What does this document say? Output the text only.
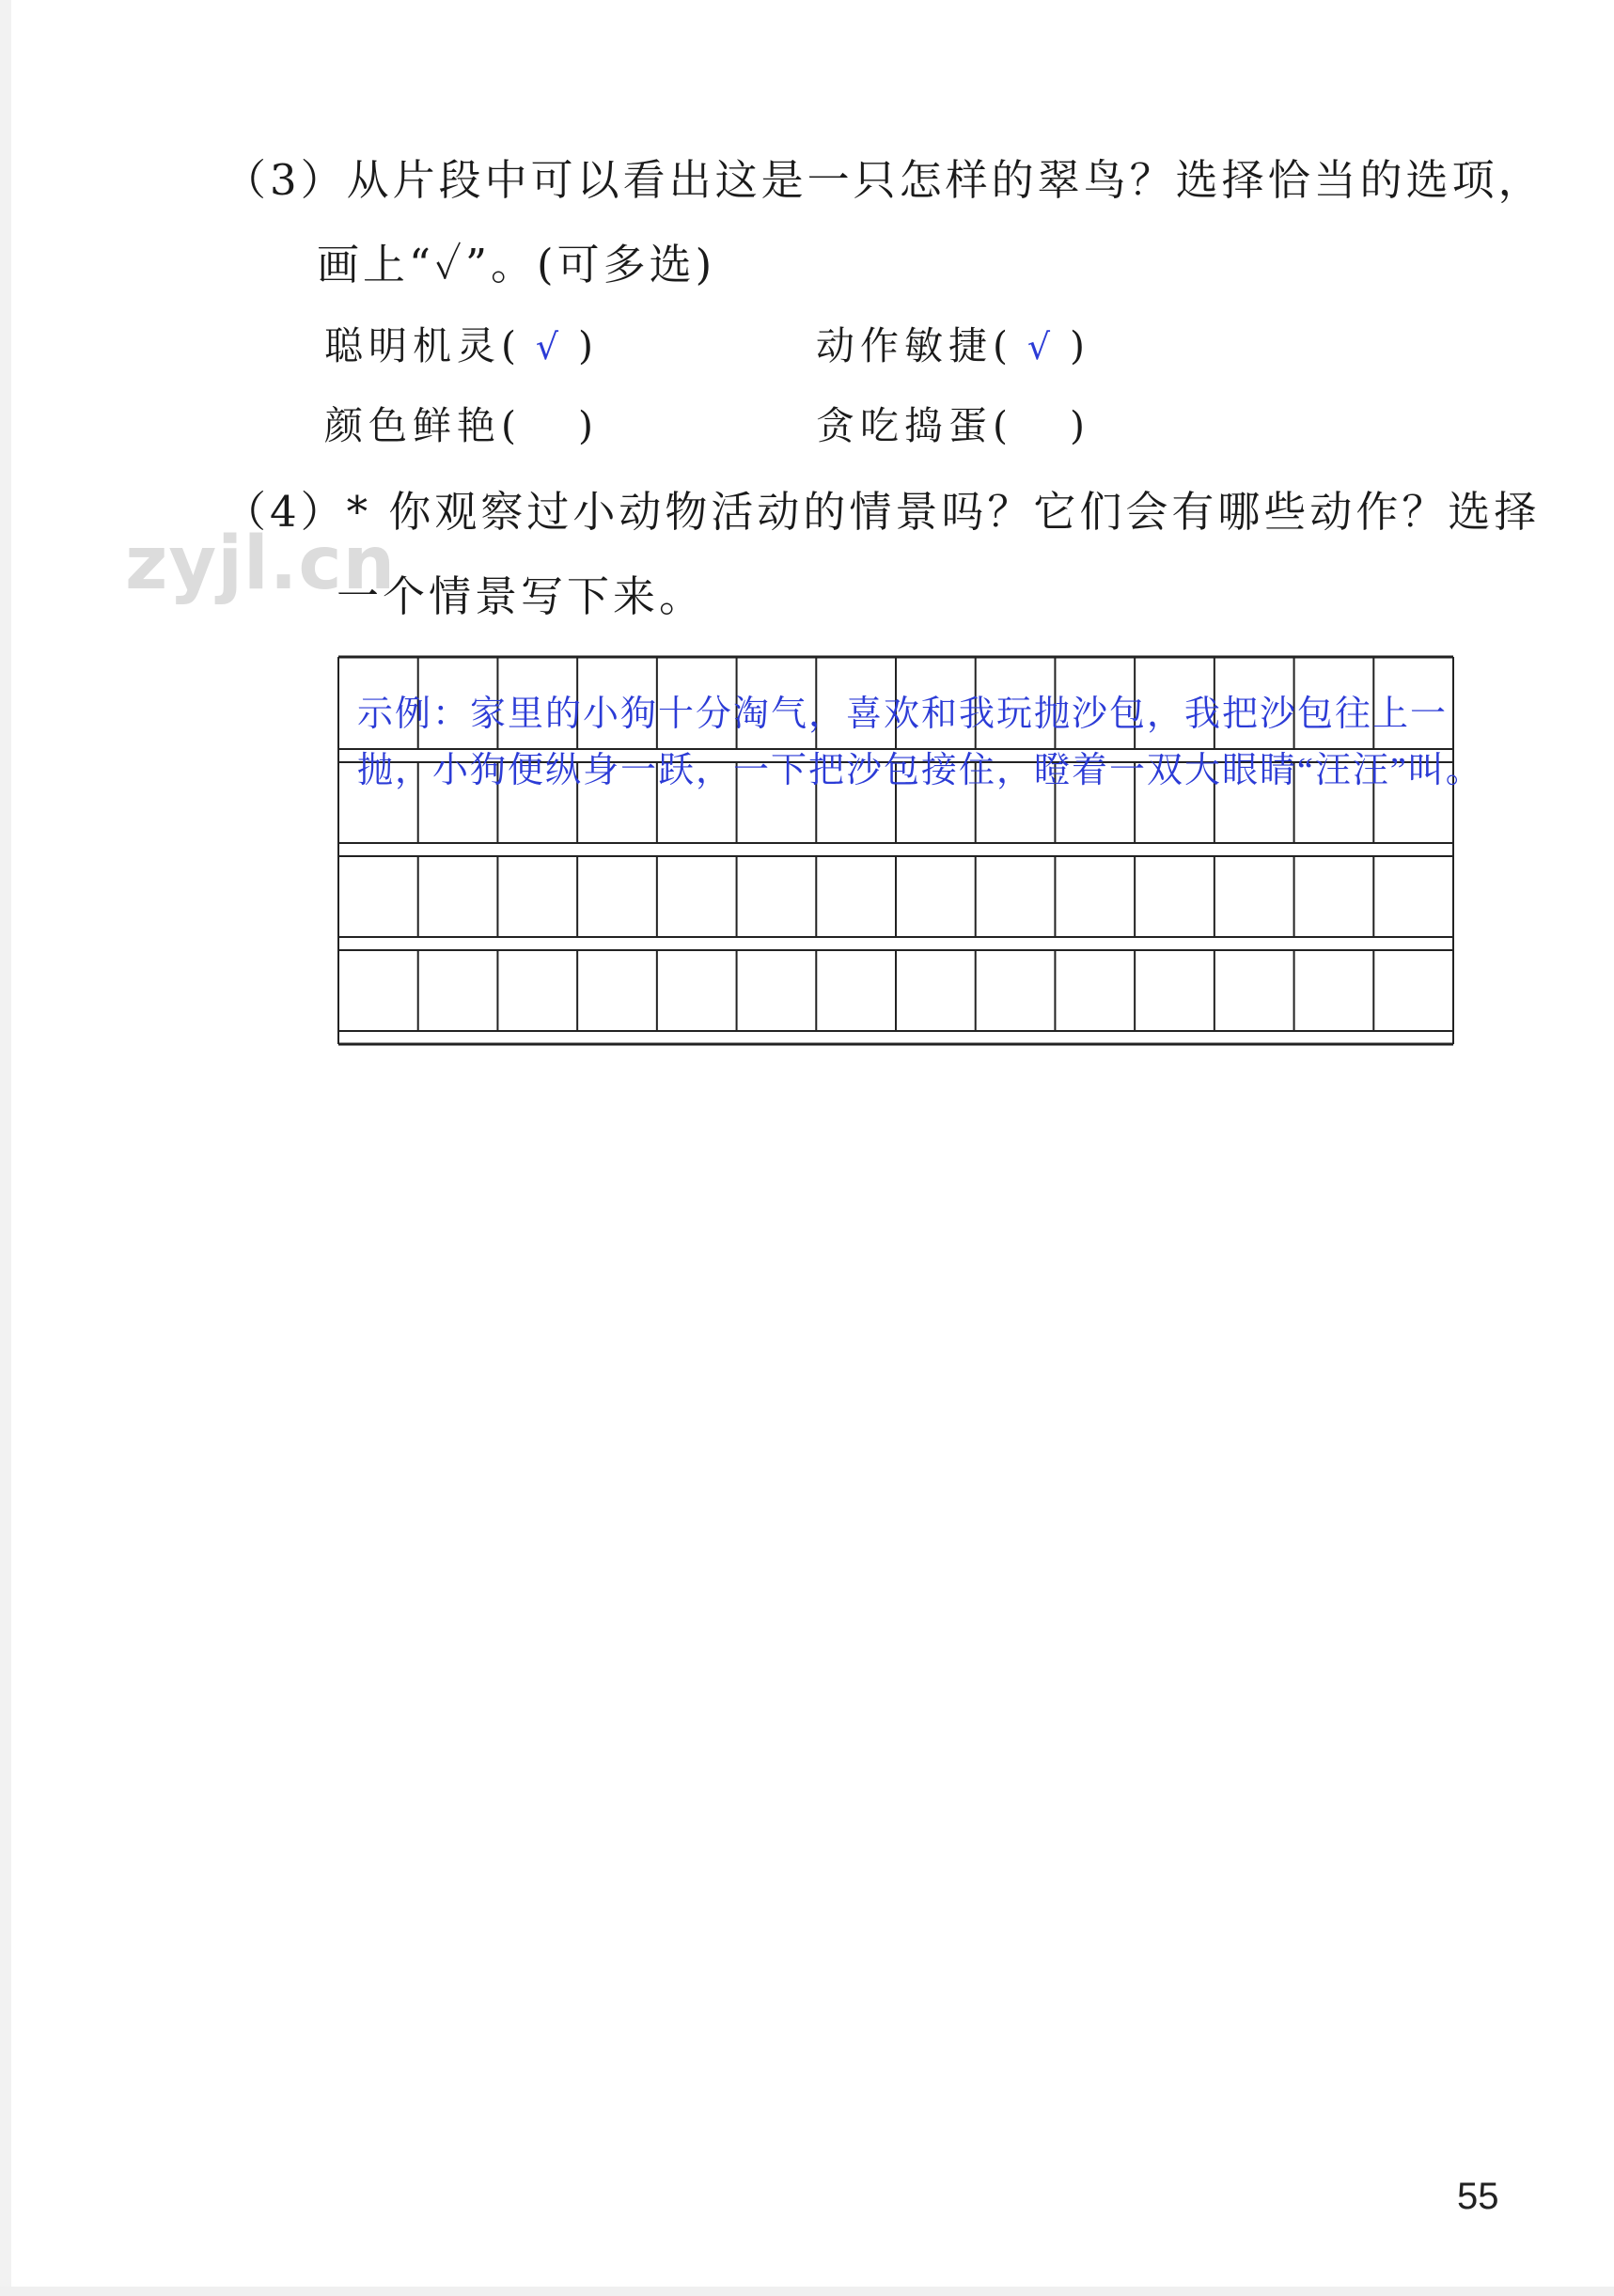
（3）从片段中可以看出这是一只怎样的翠鸟？选择恰当的选项，
画上“✓”。(可多选)
聪明机灵( √ )	动作敏捷( √ )
颜色鲜艳( )	贪吃捣蛋( )
（4）* 你观察过小动物活动的情景吗？它们会有哪些动作？选择
一个情景写下来。
zyjl.cn
示例：家里的小狗十分淘气，喜欢和我玩抛沙包，我把沙包往上一
抛，小狗便纵身一跃，一下把沙包接住，瞪着一双大眼睛“汪汪”叫。
55
